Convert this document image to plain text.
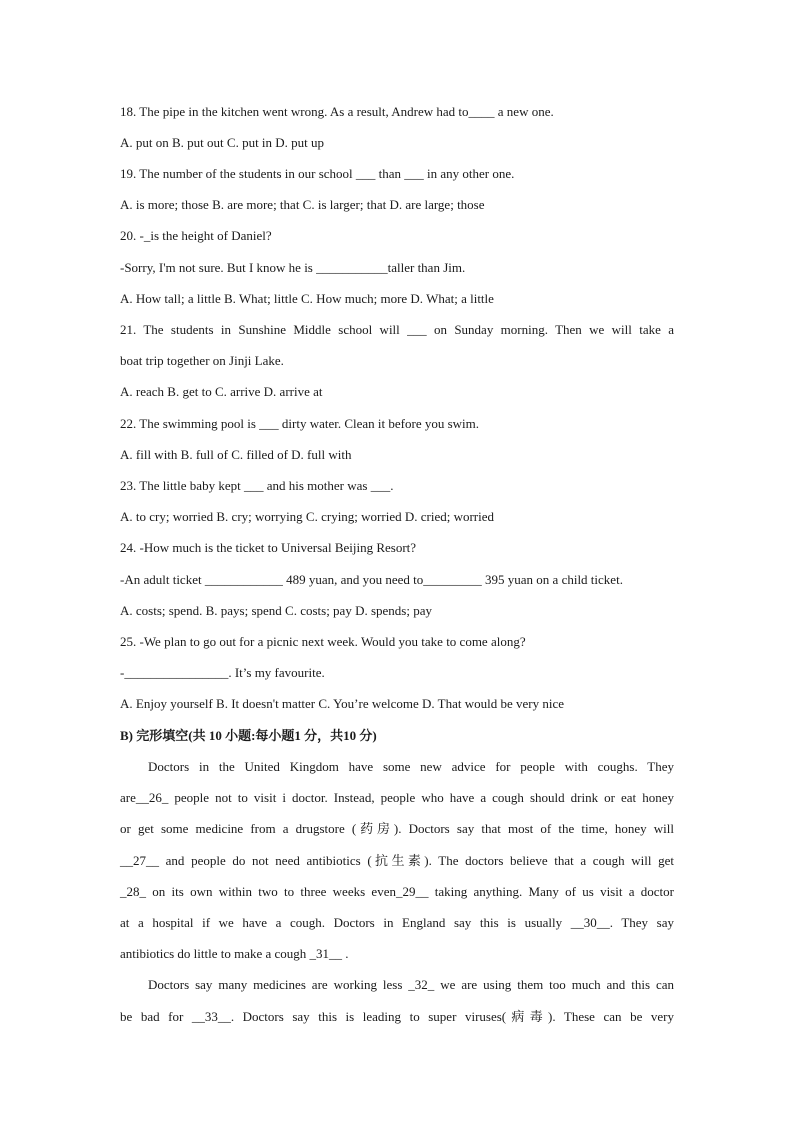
18. The pipe in the kitchen went wrong. As a result, Andrew had to____ a new one.
A. put on B. put out C. put in D. put up
19. The number of the students in our school ___ than ___ in any other one.
A. is more; those B. are more; that C. is larger; that D. are large; those
20. -_is the height of Daniel?
-Sorry, I'm not sure. But I know he is ___________taller than Jim.
A. How tall; a little B. What; little C. How much; more D. What; a little
21. The students in Sunshine Middle school will ___ on Sunday morning. Then we will take a
boat trip together on Jinji Lake.
A. reach B. get to C. arrive D. arrive at
22. The swimming pool is ___ dirty water. Clean it before you swim.
A. fill with B. full of C. filled of D. full with
23. The little baby kept ___ and his mother was ___.
A. to cry; worried B. cry; worrying C. crying; worried D. cried; worried
24. -How much is the ticket to Universal Beijing Resort?
-An adult ticket ____________ 489 yuan, and you need to_________ 395 yuan on a child ticket.
A. costs; spend. B. pays; spend C. costs; pay D. spends; pay
25. -We plan to go out for a picnic next week. Would you take to come along?
-________________. It’s my favourite.
A. Enjoy yourself B. It doesn't matter C. You’re welcome D. That would be very nice
B) 完形填空(共 10 小题:每小题1 分，共10 分)
Doctors in the United Kingdom have some new advice for people with coughs. They
are__26_ people not to visit i doctor. Instead, people who have a cough should drink or eat honey
or get some medicine from a drugstore (药房). Doctors say that most of the time, honey will
__27__ and people do not need antibiotics (抗生素). The doctors believe that a cough will get
_28_ on its own within two to three weeks even_29__ taking anything. Many of us visit a doctor
at a hospital if we have a cough. Doctors in England say this is usually __30__. They say
antibiotics do little to make a cough _31__ .
Doctors say many medicines are working less _32_ we are using them too much and this can
be bad for __33__. Doctors say this is leading to super viruses(病毒). These can be very
